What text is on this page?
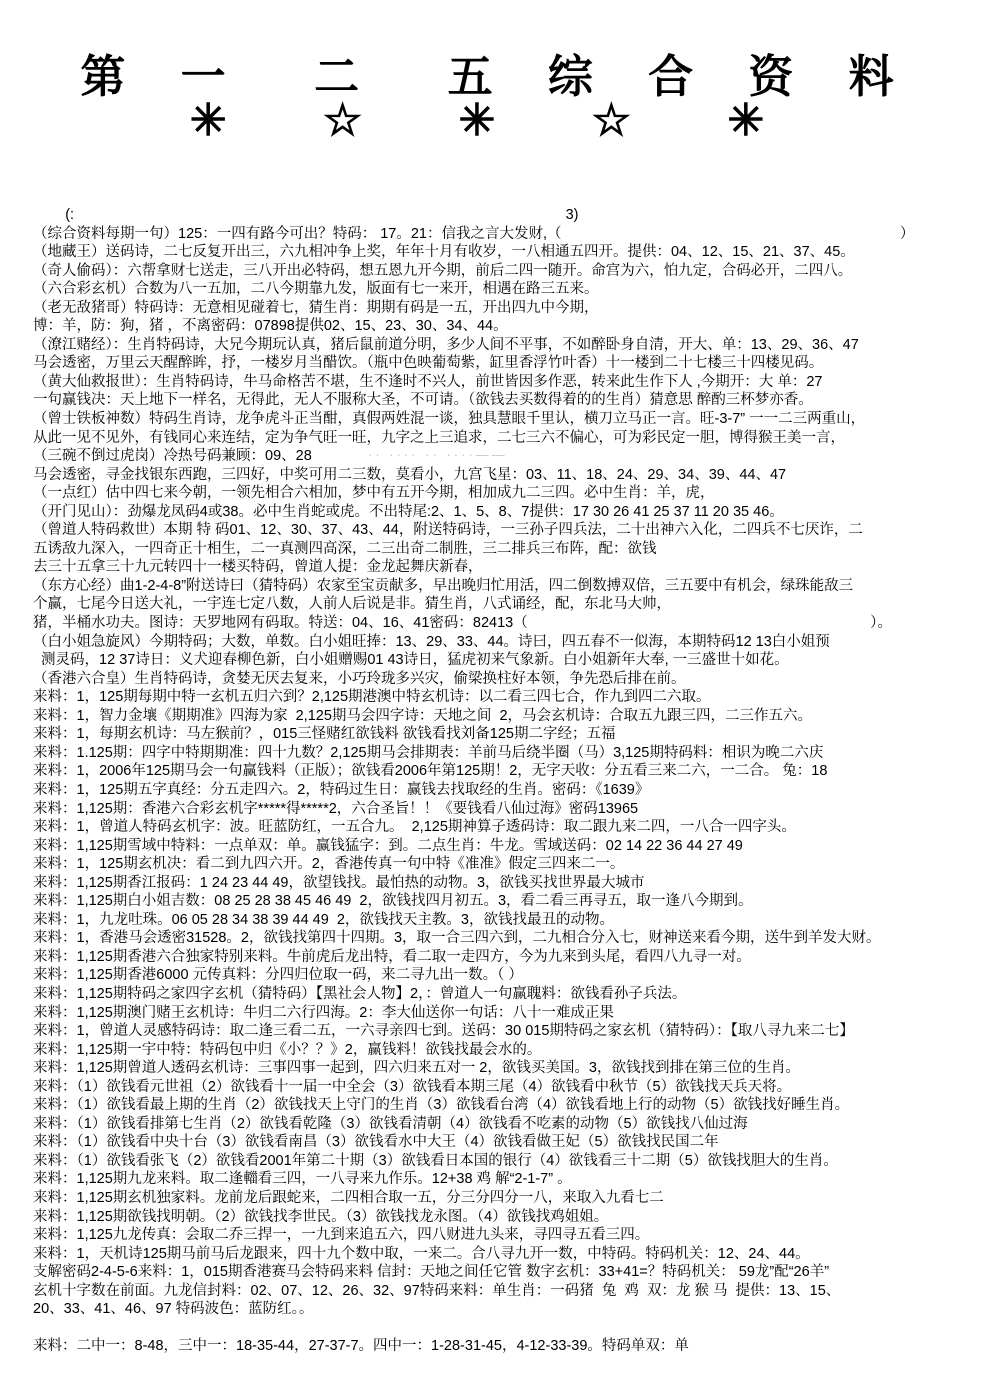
第 一  二  五 综 合 资 料
✳ ☆ ✳ ☆ ✳
(:                                                                                                                          3)
（综合资料每期一句）125：一四有路今可出？特码： 17。21：信我之言大发财,（                                                                                    ）
（地藏王）送码诗，二七反复开出三，六九相冲争上奖，年年十月有收岁，一八相通五四开。提供：04、12、15、21、37、45。
（奇人偷码）：六帮拿财七送走，三八开出必特码，想五恩九开今期，前后二四一随开。命宫为六，怕九定，合码必开，二四八。
（六合彩玄机）合数为八一五加，二八今期靠九发，版面有七一来开，相遇在路三五来。
（老无敌猪哥）特码诗：无意相见碰着七，猜生肖：期期有码是一五，开出四九中今期，
博：羊，防：狗，猪 ，不离密码：07898提供02、15、23、30、34、44。
（潦江赌经）：生肖特码诗，大兄今期玩认真，猪后鼠前道分明，多少人间不平事，不如醉卧身自清，开大、单：13、29、36、47
马会透密，万里云天醒醉眸，抒，一楼岁月当醋饮。（瓶中色映葡萄紫，缸里香浮竹叶香）十一楼到二十七楼三十四楼见码。
（黄大仙救报世）：生肖特码诗，牛马命格苦不堪，生不逢时不兴人，前世皆因多作恶，转来此生作下人 ,今期开：大 单：27
一句赢钱决：天上地下一样名，无得此，无人不服称大圣，不可请。（欲钱去买数得着的的生肖）猜意思 醉酌三杯梦亦香。
（曾士铁板神数）特码生肖诗，龙争虎斗正当酣，真假两姓混一谈，独具慧眼千里认，横刀立马正一言。旺-3-7” 一一二三两重山，
从此一见不见外，有钱同心来连结，定为争气旺一旺，九字之上三追求，二七三六不偏心，可为彩民定一胆，博得猴王美一言，
（三碗不倒过虎岗）冷热号码兼顾：09、28
马会透密，寻金找银东西跑，三四好，中奖可用二三数，莫看小，九宫飞星：03、11、18、24、29、34、39、44、47
（一点红）估中四七来今朝，一领先相合六相加，梦中有五开今期，相加成九二三四。必中生肖：羊，虎，
（开门见山）：劲爆龙凤码4或38。必中生肖蛇或虎。不出特尾:2、1、5、8、7提供：17 30 26 41 25 37 11 20 35 46。
（曾道人特码救世）本期 特 码01、12、30、37、43、44，附送特码诗，一三孙子四兵法，二十出神六入化，二四兵不七厌诈，二
五诱敌九深入，一四奇正十相生，二一真测四高深，二三出奇二制胜，三二排兵三布阵，配：欲钱
去三十五拿三十九元转四十一楼买特码，曾道人提：金龙起舞庆新春，
（东方心经）曲1-2-4-8”附送诗曰（猜特码）农家至宝贡献多，早出晚归忙用活，四二倒数搏双倍，三五要中有机会，绿珠能敌三
个赢，七尾今日送大礼，一宇连七定八数，人前人后说是非。猜生肖，八式诵经，配，东北马大帅，
猪，半桶水功夫。图诗：天罗地网有码取。特送：04、16、41密码：82413（                                                                                     ）。
（白小姐急旋风）今期特码；大数，单数。白小姐旺捧：13、29、33、44。诗曰，四五春不一似海，本期特码12 13白小姐预
测灵码，12 37诗日：义犬迎春柳色新，白小姐赠赐01 43诗日，猛虎初来气象新。白小姐新年大奉, 一三盛世十如花。
（香港六合皇）生肖特码诗，贪婪无厌去复来，小巧玲珑多兴灾，偷梁换柱好本领，争先恐后排在前。
来料：1，125期每期中特一玄机五归六到？2,125期港澳中特玄机诗：以二看三四七合，作九到四二六取。
来料：1，智力金壤《期期准》四海为家  2,125期马会四字诗：天地之间  2，马会玄机诗：合取五九跟三四，二三作五六。
来料：1，每期玄机诗：马左猴前？，015三怪赌红欲钱料 欲钱看找刘备125期二字经；五福
来料：1.125期：四字中特期期准：四十九数？2,125期马会排期表：羊前马后绕半圈（马）3,125期特码料：相识为晚二六庆
来料：1，2006年125期马会一句赢钱料（正版）；欲钱看2006年第125期！2，无字天收：分五看三来二六，一二合。 兔：18
来料：1，125期五字真经：分五走四六。2，特码过生日：赢钱去找取经的生肖。密码：《1639》
来料：1,125期：香港六合彩玄机字*****得*****2，六合圣旨！！《要钱看八仙过海》密码13965
来料：1，曾道人特码玄机字：波。旺蓝防红，一五合九。  2,125期神算子透码诗：取二跟九来二四，一八合一四字头。
来料：1,125期雪域中特料：一点单双：单。赢钱猛字：到。二点生肖：牛龙。雪域送码：02 14 22 36 44 27 49
来料：1，125期玄机决：看二到九四六开。2，香港传真一句中特《准准》假定三四来二一。
来料：1,125期香江报码：1 24 23 44 49，欲望钱找。最怕热的动物。3，欲钱买找世界最大城市
来料：1,125期白小姐吉数：08 25 28 38 45 46 49  2，欲钱找四月初五。3，看二看三再寻五，取一逢八今期到。
来料：1，九龙吐珠。06 05 28 34 38 39 44 49  2，欲钱找天主教。3，欲钱找最丑的动物。
来料：1，香港马会透密31528。2，欲钱找第四十四期。3，取一合三四六到，二九相合分入七，财神送来看今期，送牛到羊发大财。
来料：1,125期香港六合独家特别来料。牛前虎后龙出特，看二取一走四方，今为九来到头尾，看四八九寻一对。
来料：1,125期香港6000 元传真料：分四归位取一码，来二寻九出一数。（ ）
来料：1,125期特码之家四字玄机（猜特码）【黑社会人物】2，：曾道人一句赢聭料：欲钱看孙子兵法。
来料：1,125期澳门赌王玄机诗：牛归二六行四海。2：李大仙送你一句话：八十一难成正果
来料：1，曾道人灵感特码诗：取二逢三看二五，一六寻亲四七到。送码：30 015期特码之家玄机（猜特码）：【取八寻九来二七】
来料：1,125期一宇中特：特码包中归《小？？》2，赢钱料！欲钱找最会水的。
来料：1,125期曾道人透码玄机诗：三事四事一起到，四六归来五对一 2，欲钱买美国。3，欲钱找到排在第三位的生肖。
来料：（1）欲钱看元世祖（2）欲钱看十一届一中全会（3）欲钱看本期三尾（4）欲钱看中秋节（5）欲钱找天兵天将。
来料：（1）欲钱看最上期的生肖（2）欲钱找天上守门的生肖（3）欲钱看台湾（4）欲钱看地上行的动物（5）欲钱找好睡生肖。
来料：（1）欲钱看排第七生肖（2）欲钱看乾隆（3）欲钱看清朝（4）欲钱看不吃素的动物（5）欲钱找八仙过海
来料：（1）欲钱看中央十台（3）欲钱看南昌（3）欲钱看水中大王（4）欲钱看做王妃（5）欲钱找民国二年
来料：（1）欲钱看张飞（2）欲钱看2001年第二十期（3）欲钱看日本国的银行（4）欲钱看三十二期（5）欲钱找胆大的生肖。
来料：1,125期九龙来料。取二逢輺看三四，一八寻来九作乐。12+38 鸡 解“2-1-7” 。
来料：1,125期玄机独家料。龙前龙后跟蛇来，二四相合取一五，分三分四分一八，来取入九看七二
来料：1,125期欲钱找明朝。（2）欲钱找李世民。（3）欲钱找龙永图。（4）欲钱找鸡姐姐。
来料：1,125九龙传真：会取二乔三捍一，一九到来追五六，四八财进九头来，寻四寻五看三四。
来料：1，天机诗125期马前马后龙跟来，四十九个数中取，一来二。合八寻九开一数，中特码。特码机关：12、24、44。
支解密码2-4-5-6来料：1，015期香港赛马会特码来料 信封：天地之间任它管 数字玄机：33+41=？特码机关： 59龙”配“26羊”
玄机十字数在前面。九龙信封料：02、07、12、26、32、97特码来料：单生肖：一码猪  兔  鸡  双：龙 猴 马  提供：13、15、
20、33、41、46、97 特码波色：蓝防红。。
来料：二中一：8-48，三中一：18-35-44，27-37-7。四中一：1-28-31-45，4-12-33-39。特码单双：单
·· ···· ·· ····――
